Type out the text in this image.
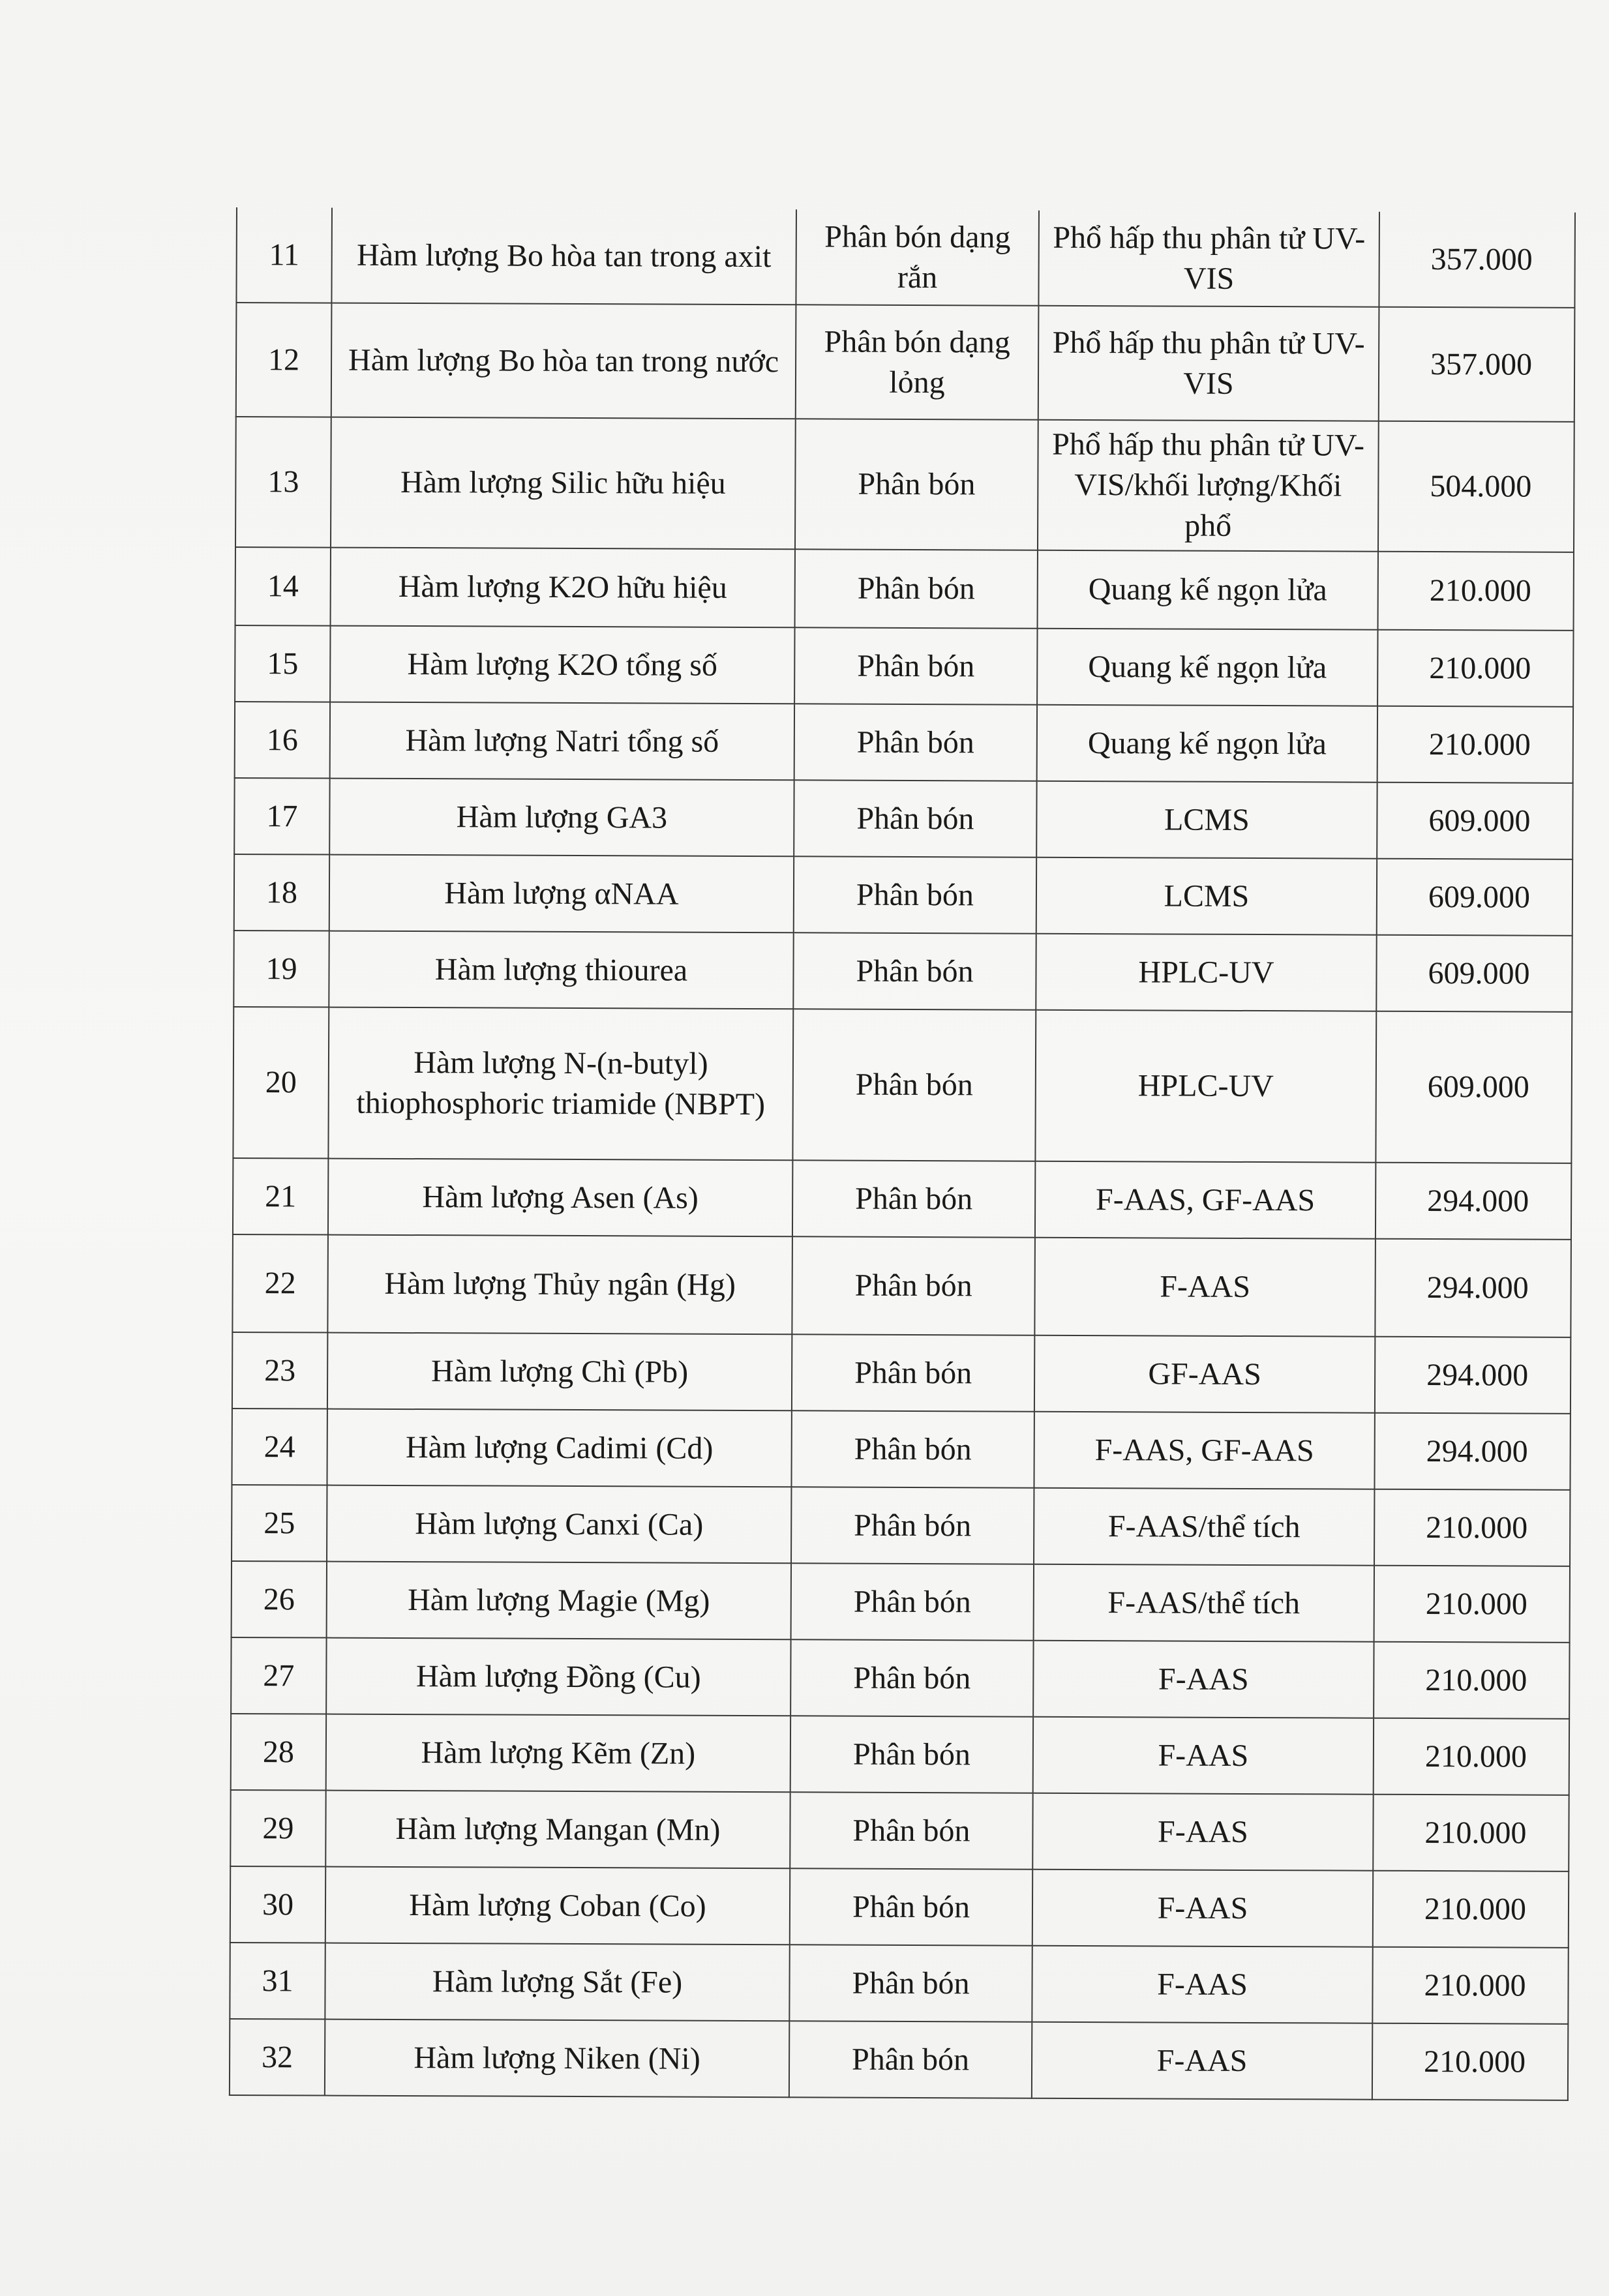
11	Hàm lượng Bo hòa tan trong axit	Phân bón dạng rắn	Phổ hấp thu phân tử UV-VIS	357.000
12	Hàm lượng Bo hòa tan trong nước	Phân bón dạng lỏng	Phổ hấp thu phân tử UV-VIS	357.000
13	Hàm lượng Silic hữu hiệu	Phân bón	Phổ hấp thu phân tử UV-VIS/khối lượng/Khối phổ	504.000
14	Hàm lượng K2O hữu hiệu	Phân bón	Quang kế ngọn lửa	210.000
15	Hàm lượng K2O tổng số	Phân bón	Quang kế ngọn lửa	210.000
16	Hàm lượng Natri tổng số	Phân bón	Quang kế ngọn lửa	210.000
17	Hàm lượng GA3	Phân bón	LCMS	609.000
18	Hàm lượng αNAA	Phân bón	LCMS	609.000
19	Hàm lượng thiourea	Phân bón	HPLC-UV	609.000
20	Hàm lượng N-(n-butyl) thiophosphoric triamide (NBPT)	Phân bón	HPLC-UV	609.000
21	Hàm lượng Asen (As)	Phân bón	F-AAS, GF-AAS	294.000
22	Hàm lượng Thủy ngân (Hg)	Phân bón	F-AAS	294.000
23	Hàm lượng Chì (Pb)	Phân bón	GF-AAS	294.000
24	Hàm lượng Cadimi (Cd)	Phân bón	F-AAS, GF-AAS	294.000
25	Hàm lượng Canxi (Ca)	Phân bón	F-AAS/thể tích	210.000
26	Hàm lượng Magie (Mg)	Phân bón	F-AAS/thể tích	210.000
27	Hàm lượng Đồng (Cu)	Phân bón	F-AAS	210.000
28	Hàm lượng Kẽm (Zn)	Phân bón	F-AAS	210.000
29	Hàm lượng Mangan (Mn)	Phân bón	F-AAS	210.000
30	Hàm lượng Coban (Co)	Phân bón	F-AAS	210.000
31	Hàm lượng Sắt (Fe)	Phân bón	F-AAS	210.000
32	Hàm lượng Niken (Ni)	Phân bón	F-AAS	210.000
